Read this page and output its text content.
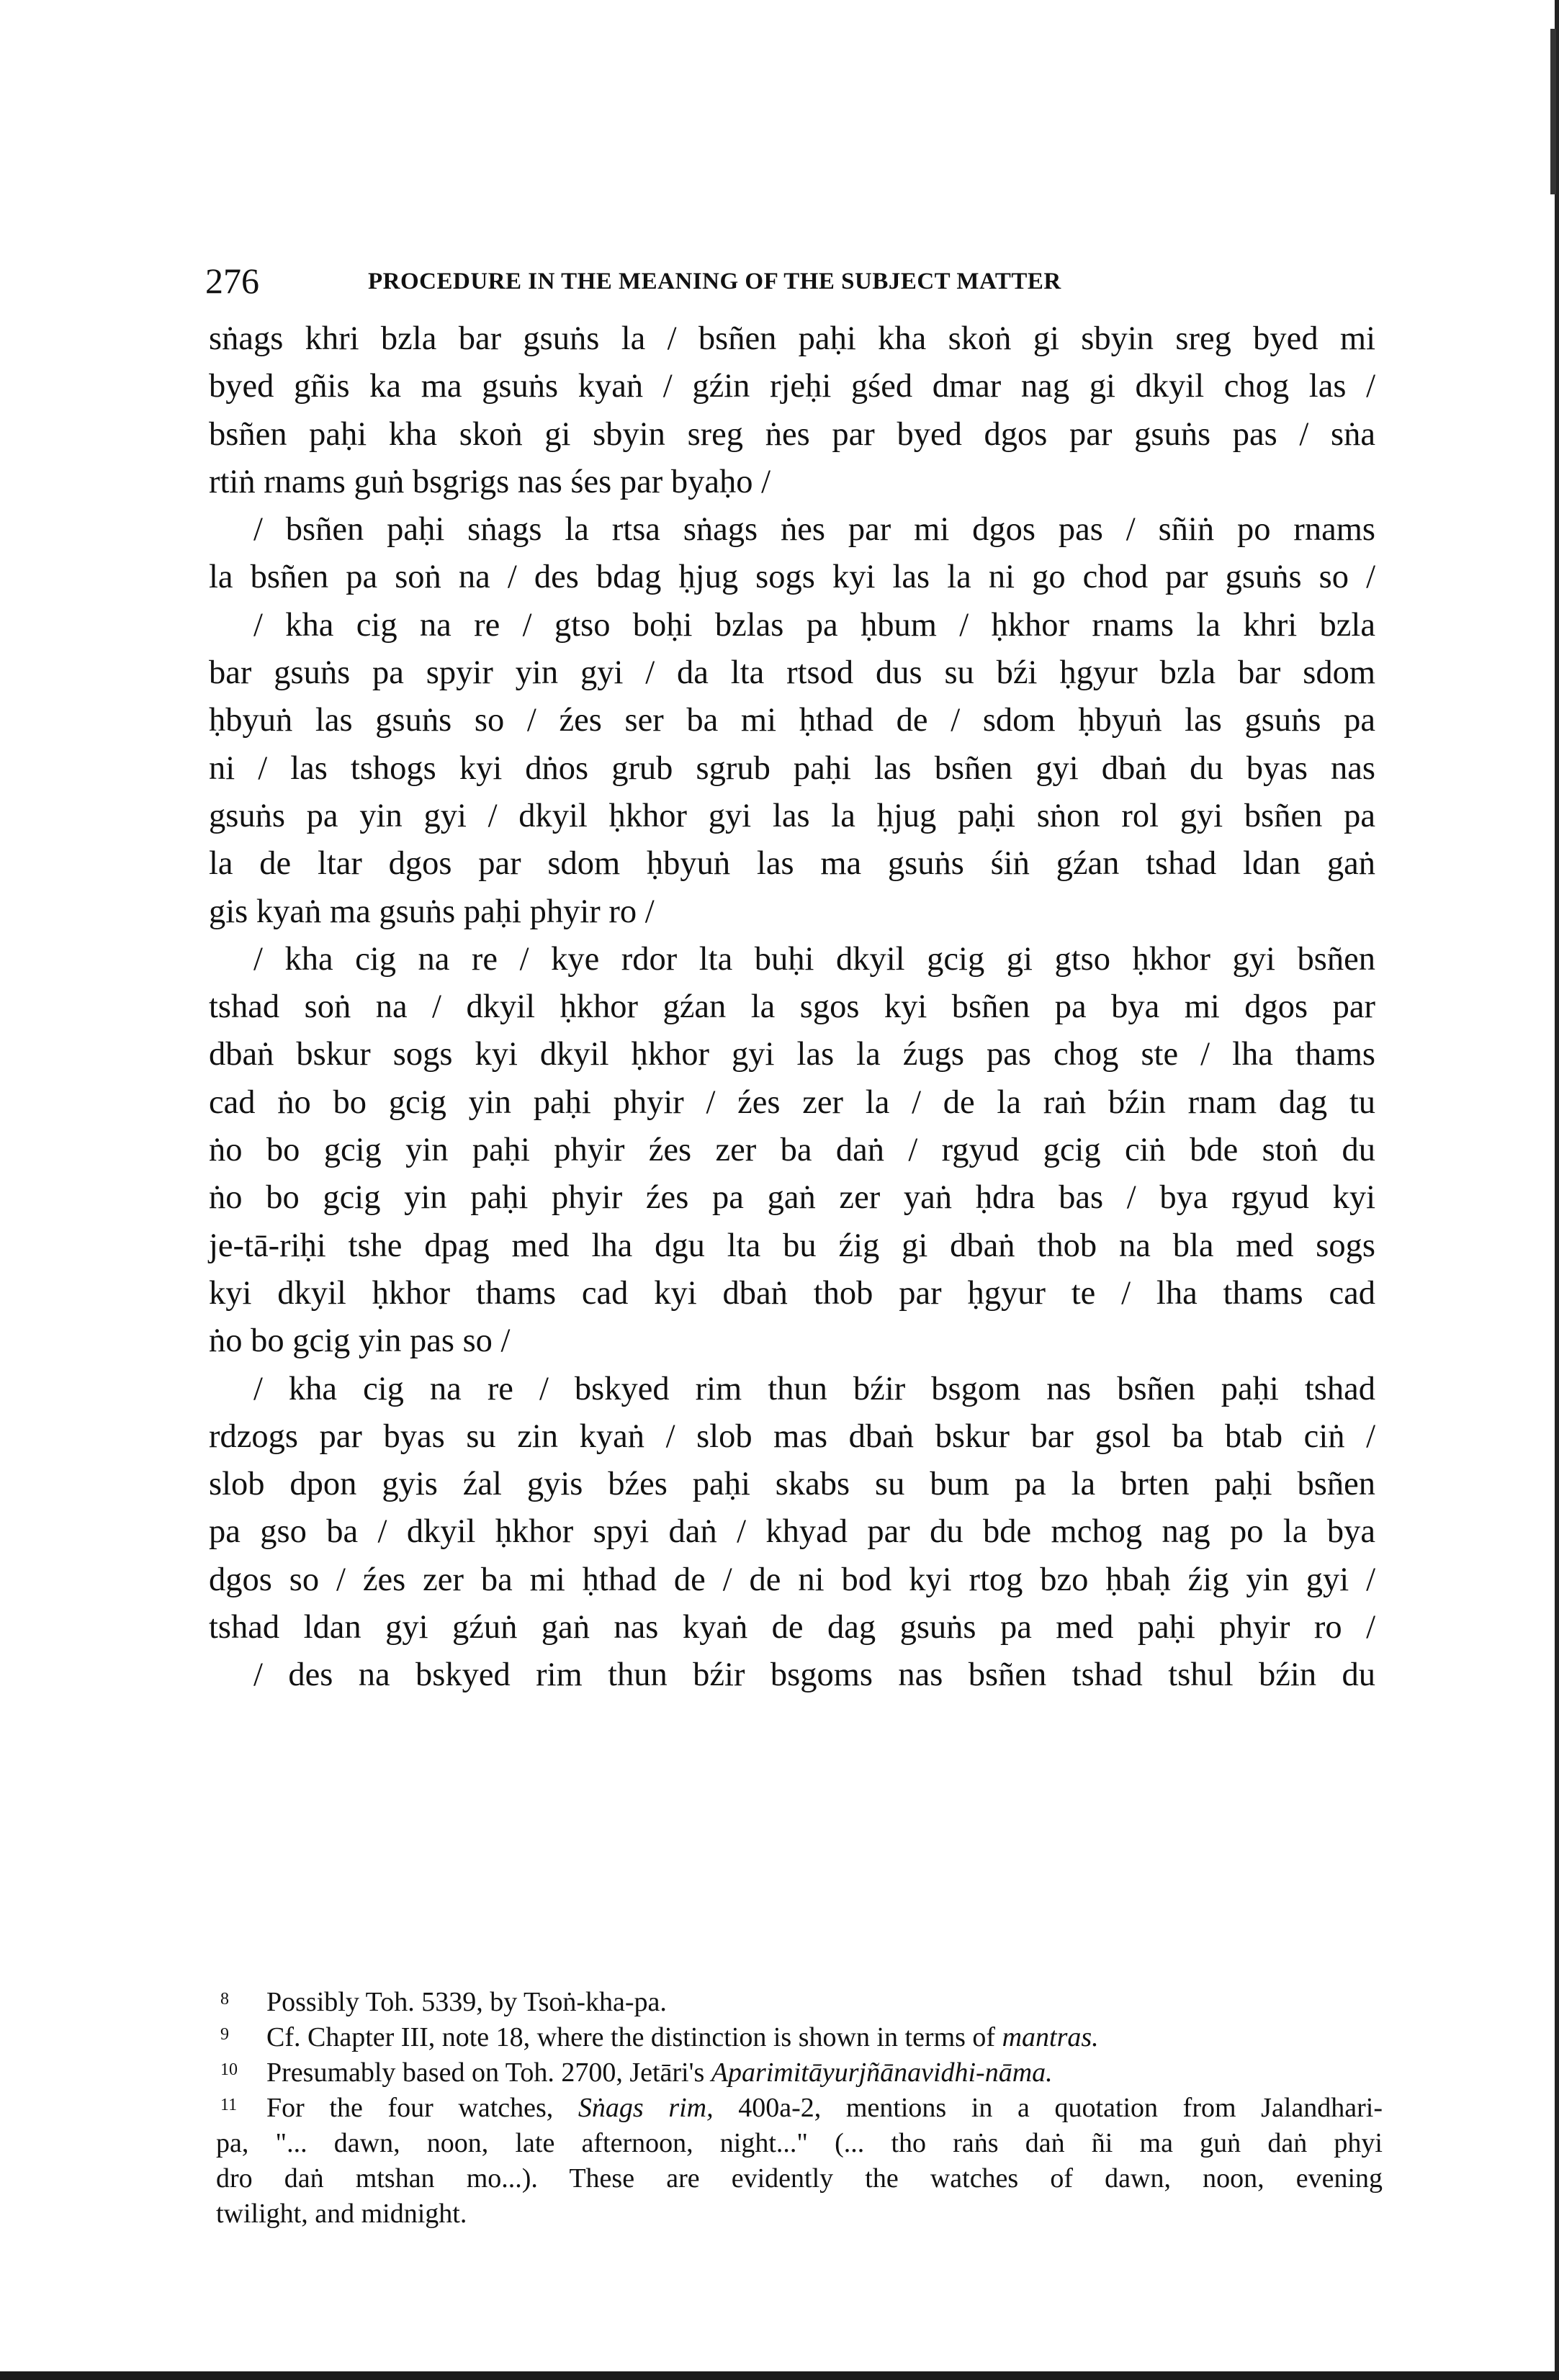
276	PROCEDURE IN THE MEANING OF THE SUBJECT MATTER
sṅags khri bzla bar gsuṅs la / bsñen paḥi kha skoṅ gi sbyin sreg byed mi
byed gñis ka ma gsuṅs kyaṅ / gźin rjeḥi gśed dmar nag gi dkyil chog las /
bsñen paḥi kha skoṅ gi sbyin sreg ṅes par byed dgos par gsuṅs pas / sṅa
rtiṅ rnams guṅ bsgrigs nas śes par byaḥo /
/ bsñen paḥi sṅags la rtsa sṅags ṅes par mi dgos pas / sñiṅ po rnams
la bsñen pa soṅ na / des bdag ḥjug sogs kyi las la ni go chod par gsuṅs so /
/ kha cig na re / gtso boḥi bzlas pa ḥbum / ḥkhor rnams la khri bzla
bar gsuṅs pa spyir yin gyi / da lta rtsod dus su bźi ḥgyur bzla bar sdom
ḥbyuṅ las gsuṅs so / źes ser ba mi ḥthad de / sdom ḥbyuṅ las gsuṅs pa
ni / las tshogs kyi dṅos grub sgrub paḥi las bsñen gyi dbaṅ du byas nas
gsuṅs pa yin gyi / dkyil ḥkhor gyi las la ḥjug paḥi sṅon rol gyi bsñen pa
la de ltar dgos par sdom ḥbyuṅ las ma gsuṅs śiṅ gźan tshad ldan gaṅ
gis kyaṅ ma gsuṅs paḥi phyir ro /
/ kha cig na re / kye rdor lta buḥi dkyil gcig gi gtso ḥkhor gyi bsñen
tshad soṅ na / dkyil ḥkhor gźan la sgos kyi bsñen pa bya mi dgos par
dbaṅ bskur sogs kyi dkyil ḥkhor gyi las la źugs pas chog ste / lha thams
cad ṅo bo gcig yin paḥi phyir / źes zer la / de la raṅ bźin rnam dag tu
ṅo bo gcig yin paḥi phyir źes zer ba daṅ / rgyud gcig ciṅ bde stoṅ du
ṅo bo gcig yin paḥi phyir źes pa gaṅ zer yaṅ ḥdra bas / bya rgyud kyi
je-tā-riḥi tshe dpag med lha dgu lta bu źig gi dbaṅ thob na bla med sogs
kyi dkyil ḥkhor thams cad kyi dbaṅ thob par ḥgyur te / lha thams cad
ṅo bo gcig yin pas so /
/ kha cig na re / bskyed rim thun bźir bsgom nas bsñen paḥi tshad
rdzogs par byas su zin kyaṅ / slob mas dbaṅ bskur bar gsol ba btab ciṅ /
slob dpon gyis źal gyis bźes paḥi skabs su bum pa la brten paḥi bsñen
pa gso ba / dkyil ḥkhor spyi daṅ / khyad par du bde mchog nag po la bya
dgos so / źes zer ba mi ḥthad de / de ni bod kyi rtog bzo ḥbaḥ źig yin gyi /
tshad ldan gyi gźuṅ gaṅ nas kyaṅ de dag gsuṅs pa med paḥi phyir ro /
/ des na bskyed rim thun bźir bsgoms nas bsñen tshad tshul bźin du
8 Possibly Toh. 5339, by Tsoṅ-kha-pa.
9 Cf. Chapter III, note 18, where the distinction is shown in terms of mantras.
10 Presumably based on Toh. 2700, Jetāri's Aparimitāyurjñānavidhi-nāma.
11 For the four watches, Sṅags rim, 400a-2, mentions in a quotation from Jalandhari-
pa, "... dawn, noon, late afternoon, night..." (... tho raṅs daṅ ñi ma guṅ daṅ phyi
dro daṅ mtshan mo...). These are evidently the watches of dawn, noon, evening
twilight, and midnight.
